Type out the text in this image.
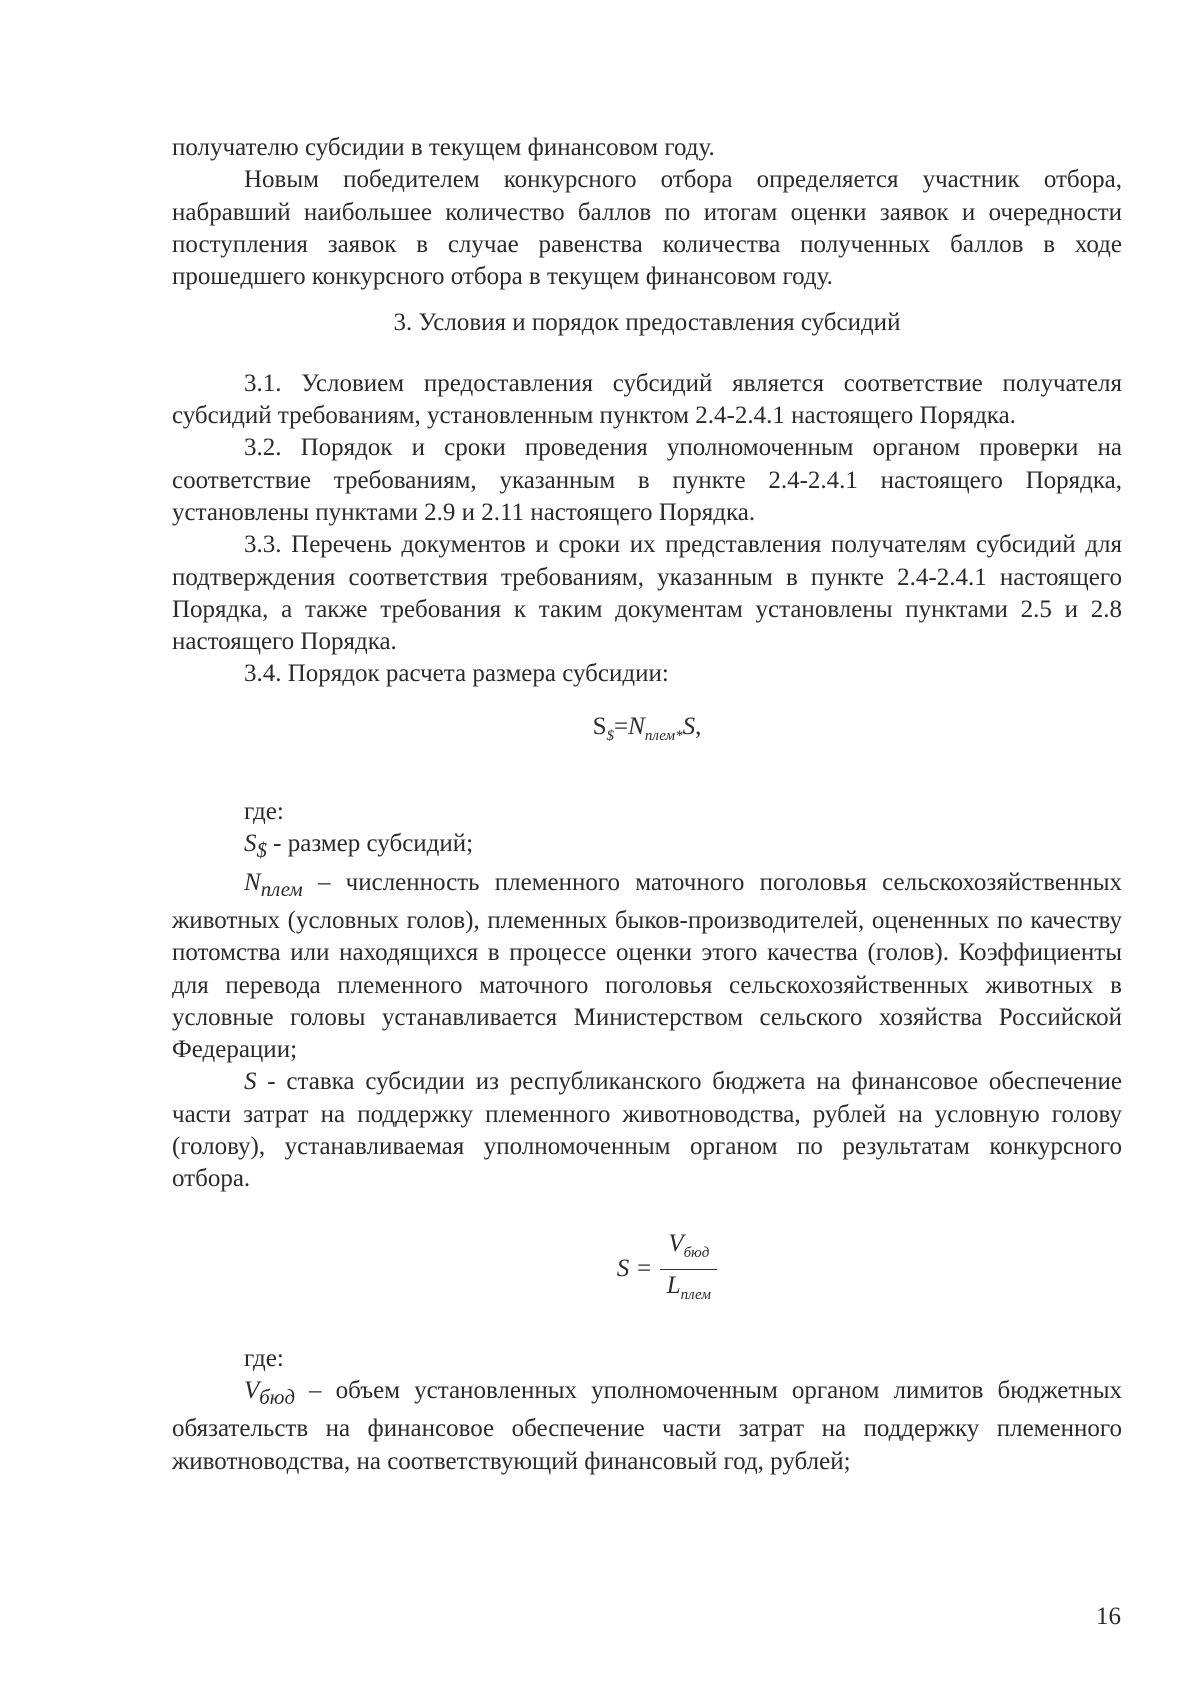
получателю субсидии в текущем финансовом году.

Новым победителем конкурсного отбора определяется участник отбора, набравший наибольшее количество баллов по итогам оценки заявок и очередности поступления заявок в случае равенства количества полученных баллов в ходе прошедшего конкурсного отбора в текущем финансовом году.

3. Условия и порядок предоставления субсидий

3.1. Условием предоставления субсидий является соответствие получателя субсидий требованиям, установленным пунктом 2.4-2.4.1 настоящего Порядка.

3.2. Порядок и сроки проведения уполномоченным органом проверки на соответствие требованиям, указанным в пункте 2.4-2.4.1 настоящего Порядка, установлены пунктами 2.9 и 2.11 настоящего Порядка.

3.3. Перечень документов и сроки их представления получателям субсидий для подтверждения соответствия требованиям, указанным в пункте 2.4-2.4.1 настоящего Порядка, а также требования к таким документам установлены пунктами 2.5 и 2.8 настоящего Порядка.

3.4. Порядок расчета размера субсидии:

$S_{\$}=N_{плем*}S$,

где:

$S_{\$}$ - размер субсидий;

$N_{плем}$ – численность племенного маточного поголовья сельскохозяйственных животных (условных голов), племенных быков-производителей, оцененных по качеству потомства или находящихся в процессе оценки этого качества (голов). Коэффициенты для перевода племенного маточного поголовья сельскохозяйственных животных в условные головы устанавливается Министерством сельского хозяйства Российской Федерации;

S - ставка субсидии из республиканского бюджета на финансовое обеспечение части затрат на поддержку племенного животноводства, рублей на условную голову (голову), устанавливаемая уполномоченным органом по результатам конкурсного отбора.

$S = \frac{V_{бюд}}{L_{плем}}$

где:

$V_{бюд}$ – объем установленных уполномоченным органом лимитов бюджетных обязательств на финансовое обеспечение части затрат на поддержку племенного животноводства, на соответствующий финансовый год, рублей;

16
